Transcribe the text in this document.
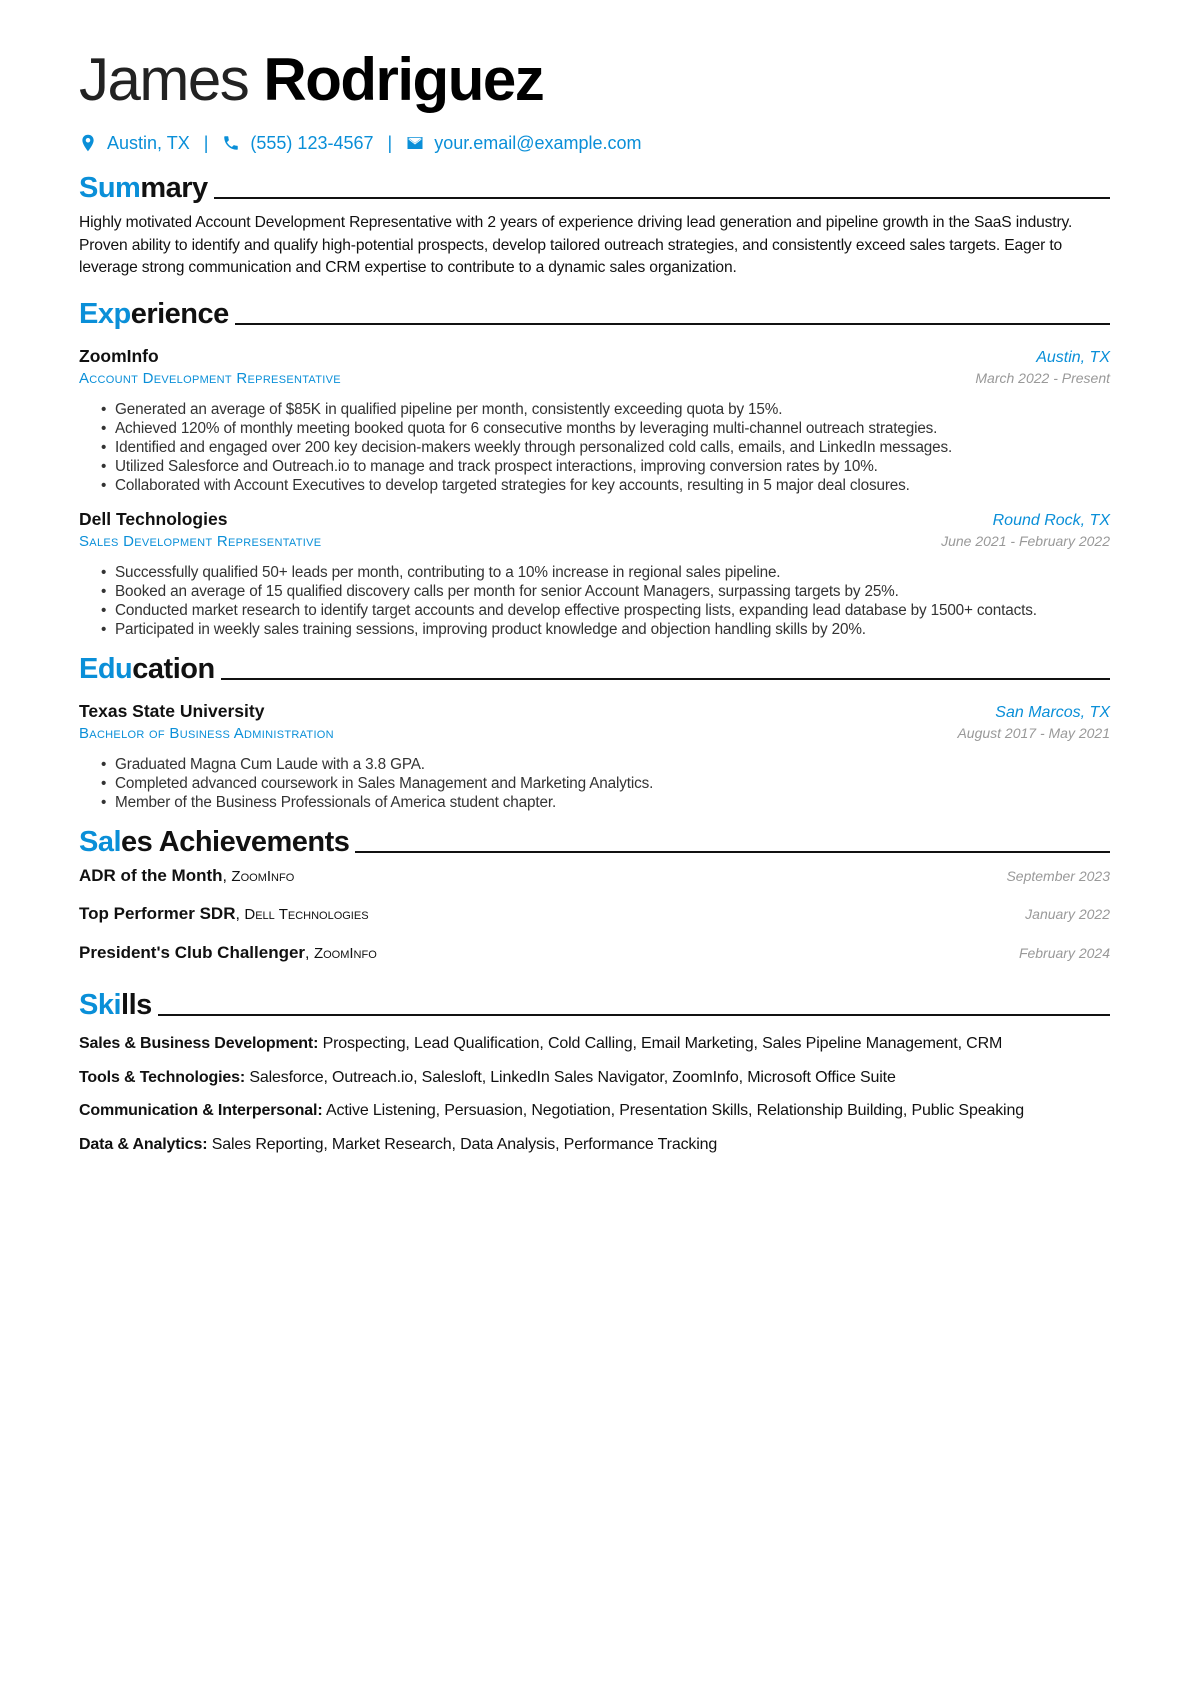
James Rodriguez
Austin, TX | (555) 123-4567 | your.email@example.com
Summary

Highly motivated Account Development Representative with 2 years of experience driving lead generation and pipeline growth in the SaaS industry. Proven ability to identify and qualify high-potential prospects, develop tailored outreach strategies, and consistently exceed sales targets. Eager to leverage strong communication and CRM expertise to contribute to a dynamic sales organization.

Experience
ZoomInfo	Austin, TX
Account Development Representative	March 2022 - Present
• Generated an average of $85K in qualified pipeline per month, consistently exceeding quota by 15%.
• Achieved 120% of monthly meeting booked quota for 6 consecutive months by leveraging multi-channel outreach strategies.
• Identified and engaged over 200 key decision-makers weekly through personalized cold calls, emails, and LinkedIn messages.
• Utilized Salesforce and Outreach.io to manage and track prospect interactions, improving conversion rates by 10%.
• Collaborated with Account Executives to develop targeted strategies for key accounts, resulting in 5 major deal closures.
Dell Technologies	Round Rock, TX
Sales Development Representative	June 2021 - February 2022
• Successfully qualified 50+ leads per month, contributing to a 10% increase in regional sales pipeline.
• Booked an average of 15 qualified discovery calls per month for senior Account Managers, surpassing targets by 25%.
• Conducted market research to identify target accounts and develop effective prospecting lists, expanding lead database by 1500+ contacts.
• Participated in weekly sales training sessions, improving product knowledge and objection handling skills by 20%.
Education
Texas State University	San Marcos, TX
Bachelor of Business Administration	August 2017 - May 2021
• Graduated Magna Cum Laude with a 3.8 GPA.
• Completed advanced coursework in Sales Management and Marketing Analytics.
• Member of the Business Professionals of America student chapter.
Sales Achievements
ADR of the Month, ZoomInfo	September 2023
Top Performer SDR, Dell Technologies	January 2022
President's Club Challenger, ZoomInfo	February 2024
Skills
Sales & Business Development: Prospecting, Lead Qualification, Cold Calling, Email Marketing, Sales Pipeline Management, CRM
Tools & Technologies: Salesforce, Outreach.io, Salesloft, LinkedIn Sales Navigator, ZoomInfo, Microsoft Office Suite
Communication & Interpersonal: Active Listening, Persuasion, Negotiation, Presentation Skills, Relationship Building, Public Speaking
Data & Analytics: Sales Reporting, Market Research, Data Analysis, Performance Tracking
